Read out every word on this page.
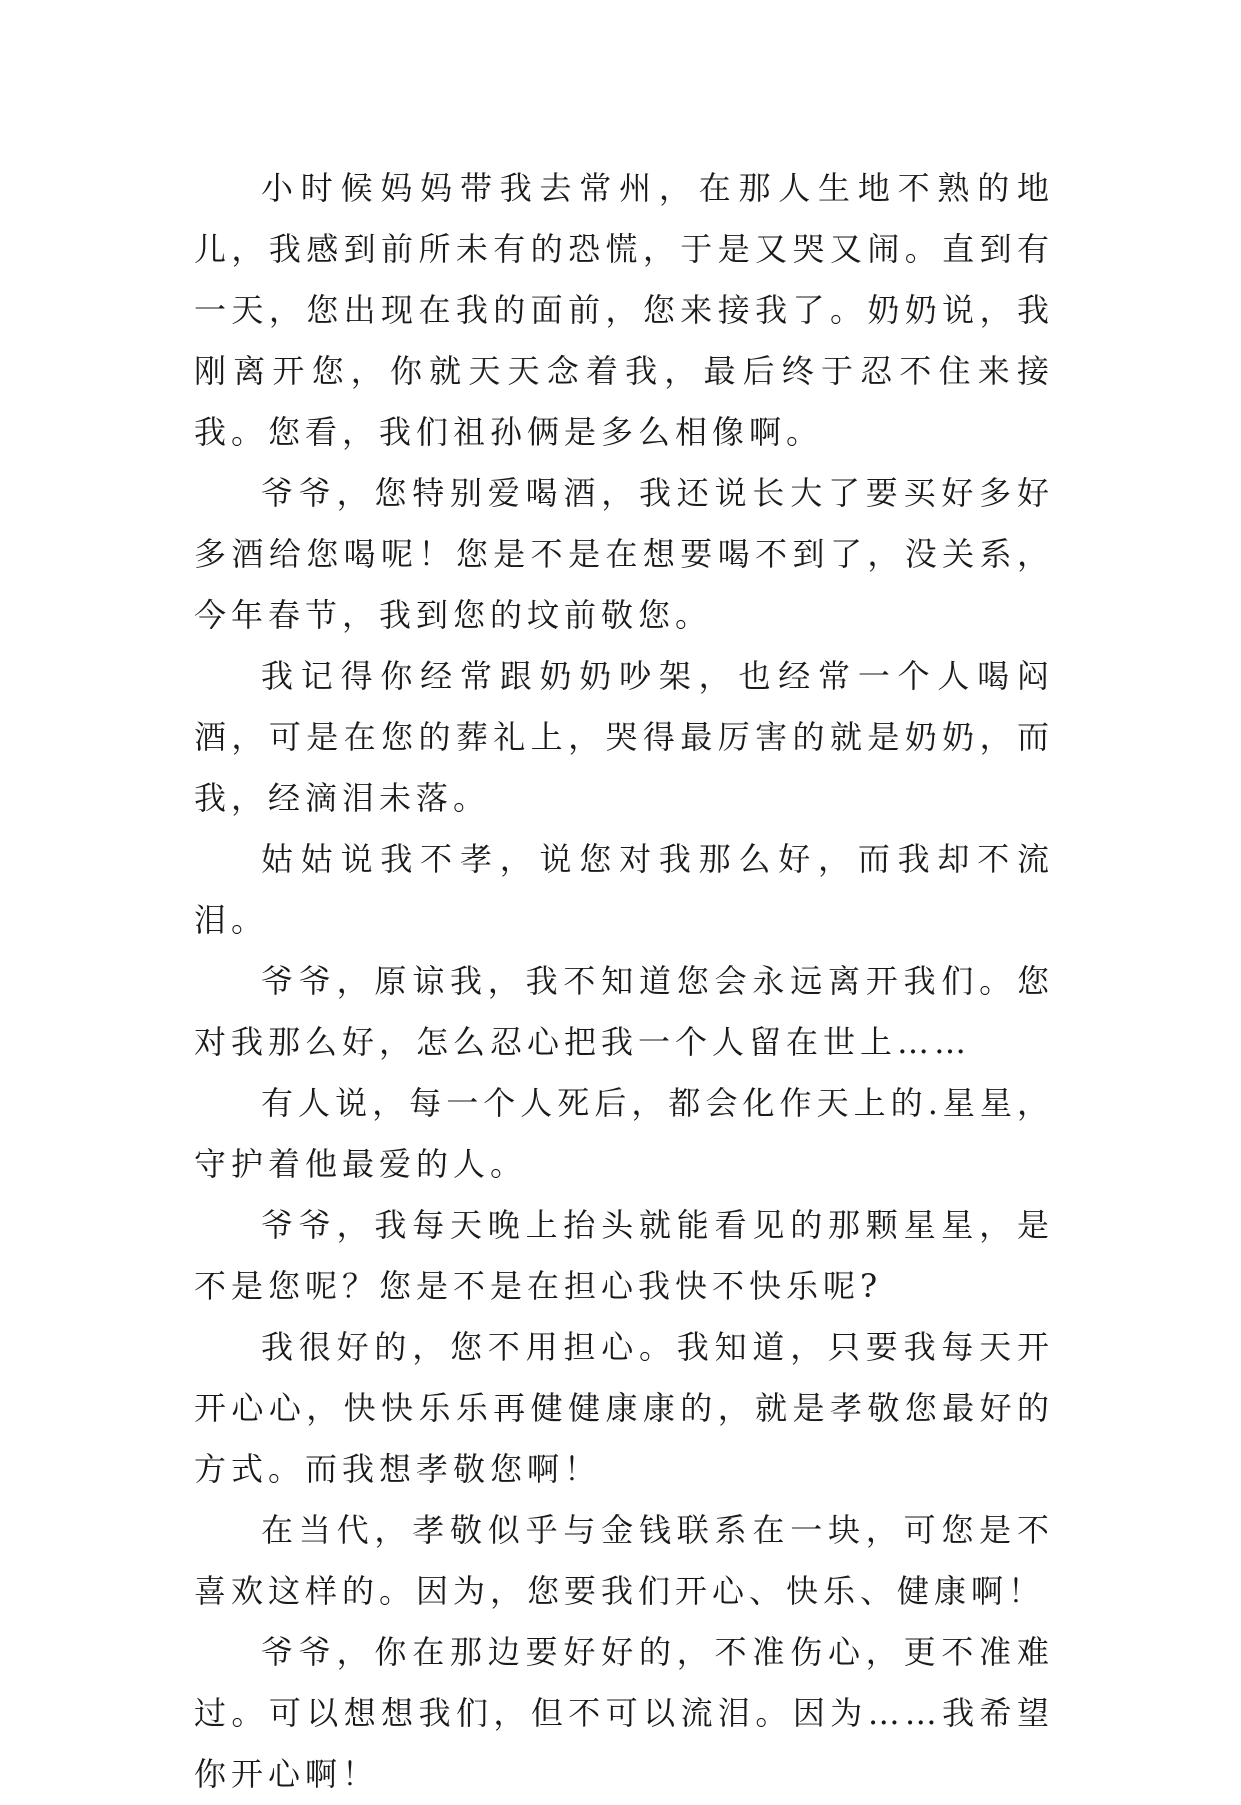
小时候妈妈带我去常州，在那人生地不熟的地儿，我感到前所未有的恐慌，于是又哭又闹。直到有一天，您出现在我的面前，您来接我了。奶奶说，我刚离开您，你就天天念着我，最后终于忍不住来接我。您看，我们祖孙俩是多么相像啊。

爷爷，您特别爱喝酒，我还说长大了要买好多好多酒给您喝呢！您是不是在想要喝不到了，没关系，今年春节，我到您的坟前敬您。

我记得你经常跟奶奶吵架，也经常一个人喝闷酒，可是在您的葬礼上，哭得最厉害的就是奶奶，而我，经滴泪未落。

姑姑说我不孝，说您对我那么好，而我却不流泪。

爷爷，原谅我，我不知道您会永远离开我们。您对我那么好，怎么忍心把我一个人留在世上……

有人说，每一个人死后，都会化作天上的.星星，守护着他最爱的人。

爷爷，我每天晚上抬头就能看见的那颗星星，是不是您呢？您是不是在担心我快不快乐呢?

我很好的，您不用担心。我知道，只要我每天开开心心，快快乐乐再健健康康的，就是孝敬您最好的方式。而我想孝敬您啊！

在当代，孝敬似乎与金钱联系在一块，可您是不喜欢这样的。因为，您要我们开心、快乐、健康啊！

爷爷，你在那边要好好的，不准伤心，更不准难过。可以想想我们，但不可以流泪。因为……我希望你开心啊！
